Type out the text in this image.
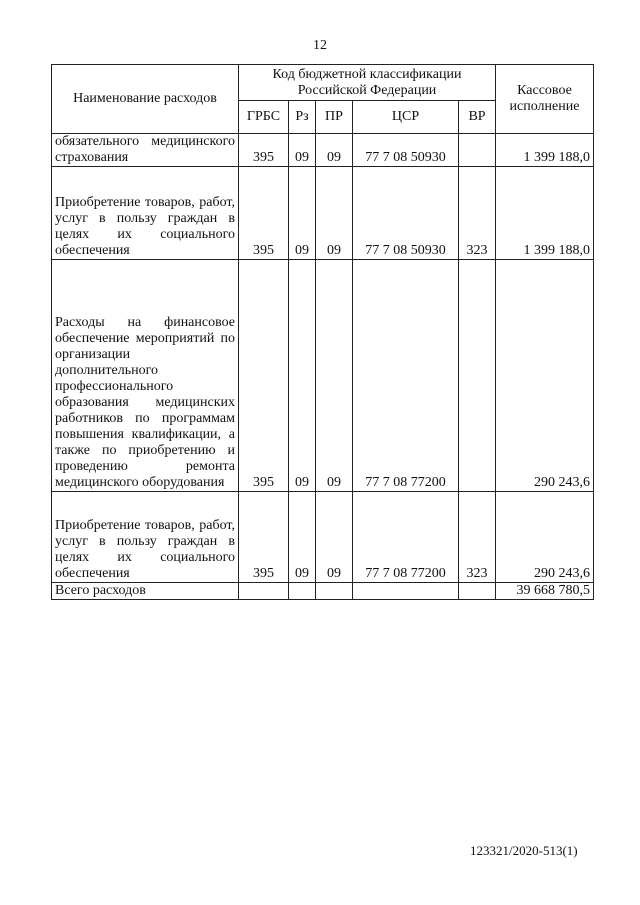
12
Наименование расходов	Код бюджетной классификации Российской Федерации					Кассовое исполнение
	ГРБС	Рз	ПР	ЦСР	ВР	
обязательного медицинского страхования	395	09	09	77 7 08 50930		1 399 188,0
Приобретение товаров, работ, услуг в пользу граждан в целях их социального обеспечения	395	09	09	77 7 08 50930	323	1 399 188,0
Расходы на финансовое обеспечение мероприятий по организации дополнительного профессионального образования медицинских работников по программам повышения квалификации, а также по приобретению и проведению ремонта медицинского оборудования	395	09	09	77 7 08 77200		290 243,6
Приобретение товаров, работ, услуг в пользу граждан в целях их социального обеспечения	395	09	09	77 7 08 77200	323	290 243,6
Всего расходов						39 668 780,5
123321/2020-513(1)
